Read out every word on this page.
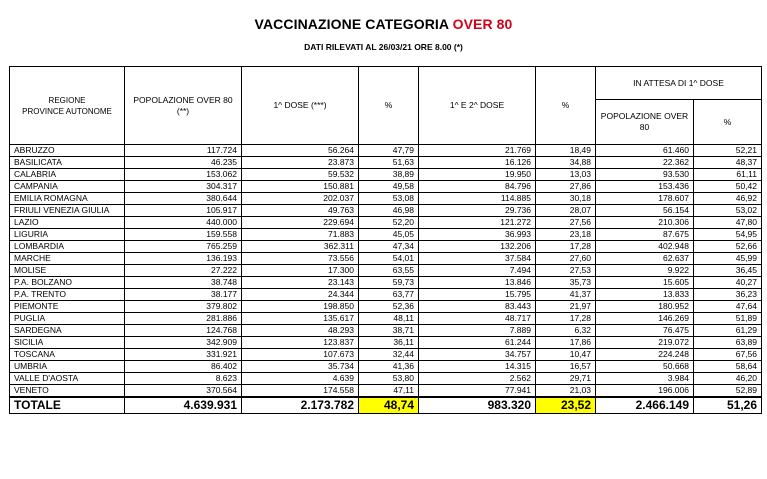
VACCINAZIONE CATEGORIA OVER 80
DATI RILEVATI AL 26/03/21 ORE 8.00 (*)
REGIONE
PROVINCE AUTONOME	POPOLAZIONE OVER 80 (**)	1^ DOSE (***)	%	1^ E 2^ DOSE	%	IN ATTESA DI 1^ DOSE	
						POPOLAZIONE OVER 80	%
ABRUZZO	117.724	56.264	47,79	21.769	18,49	61.460	52,21
BASILICATA	46.235	23.873	51,63	16.126	34,88	22.362	48,37
CALABRIA	153.062	59.532	38,89	19.950	13,03	93.530	61,11
CAMPANIA	304.317	150.881	49,58	84.796	27,86	153.436	50,42
EMILIA ROMAGNA	380.644	202.037	53,08	114.885	30,18	178.607	46,92
FRIULI VENEZIA GIULIA	105.917	49.763	46,98	29.736	28,07	56.154	53,02
LAZIO	440.000	229.694	52,20	121.272	27,56	210.306	47,80
LIGURIA	159.558	71.883	45,05	36.993	23,18	87.675	54,95
LOMBARDIA	765.259	362.311	47,34	132.206	17,28	402.948	52,66
MARCHE	136.193	73.556	54,01	37.584	27,60	62.637	45,99
MOLISE	27.222	17.300	63,55	7.494	27,53	9.922	36,45
P.A. BOLZANO	38.748	23.143	59,73	13.846	35,73	15.605	40,27
P.A. TRENTO	38.177	24.344	63,77	15.795	41,37	13.833	36,23
PIEMONTE	379.802	198.850	52,36	83.443	21,97	180.952	47,64
PUGLIA	281.886	135.617	48,11	48.717	17,28	146.269	51,89
SARDEGNA	124.768	48.293	38,71	7.889	6,32	76.475	61,29
SICILIA	342.909	123.837	36,11	61.244	17,86	219.072	63,89
TOSCANA	331.921	107.673	32,44	34.757	10,47	224.248	67,56
UMBRIA	86.402	35.734	41,36	14.315	16,57	50.668	58,64
VALLE D'AOSTA	8.623	4.639	53,80	2.562	29,71	3.984	46,20
VENETO	370.564	174.558	47,11	77.941	21,03	196.006	52,89
TOTALE	4.639.931	2.173.782	48,74	983.320	23,52	2.466.149	51,26
